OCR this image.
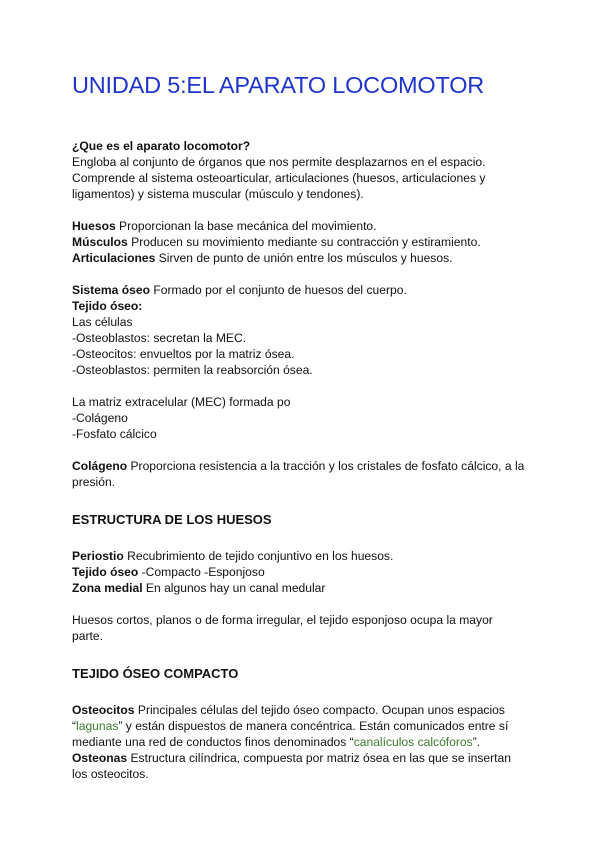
UNIDAD 5:EL APARATO LOCOMOTOR

¿Que es el aparato locomotor?

Engloba al conjunto de órganos que nos permite desplazarnos en el espacio.

Comprende al sistema osteoarticular, articulaciones (huesos, articulaciones y

ligamentos) y sistema muscular (músculo y tendones).

Huesos Proporcionan la base mecánica del movimiento.

Músculos Producen su movimiento mediante su contracción y estiramiento.

Articulaciones Sirven de punto de unión entre los músculos y huesos.

Sistema óseo Formado por el conjunto de huesos del cuerpo.

Tejido óseo:

Las células

-Osteoblastos: secretan la MEC.

-Osteocitos: envueltos por la matriz ósea.

-Osteoblastos: permiten la reabsorción ósea.

La matriz extracelular (MEC) formada po

-Colágeno

-Fosfato cálcico

Colágeno Proporciona resistencia a la tracción y los cristales de fosfato cálcico, a la

presión.

ESTRUCTURA DE LOS HUESOS

Periostio Recubrimiento de tejido conjuntivo en los huesos.

Tejido óseo -Compacto -Esponjoso

Zona medial En algunos hay un canal medular

Huesos cortos, planos o de forma irregular, el tejido esponjoso ocupa la mayor

parte.

TEJIDO ÓSEO COMPACTO

Osteocitos Principales células del tejido óseo compacto. Ocupan unos espacios

“lagunas” y están dispuestos de manera concéntrica. Están comunicados entre sí

mediante una red de conductos finos denominados “canalículos calcóforos”.

Osteonas Estructura cilíndrica, compuesta por matriz ósea en las que se insertan

los osteocitos.
